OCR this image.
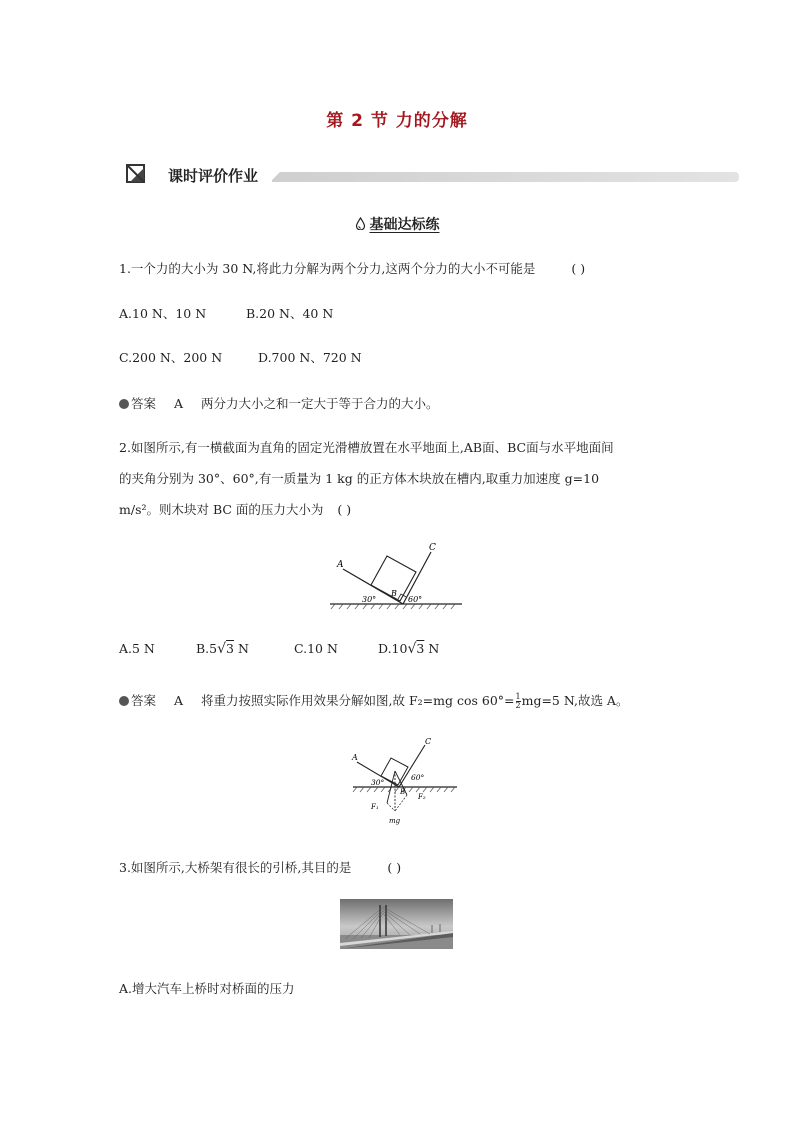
第 2 节 力的分解
课时评价作业
基础达标练
1.一个力的大小为 30 N,将此力分解为两个分力,这两个分力的大小不可能是	( )
A.10 N、10 N	B.20 N、40 N
C.200 N、200 N	D.700 N、720 N
答案 A 两分力大小之和一定大于等于合力的大小。
2.如图所示,有一横截面为直角的固定光滑槽放置在水平地面上,AB面、BC面与水平地面间
的夹角分别为 30°、60°,有一质量为 1 kg 的正方体木块放在槽内,取重力加速度 g=10
m/s²。则木块对 BC 面的压力大小为 ( )
A
C
B
30°	60°
A.5 N	B.5√3 N	C.10 N	D.10√3 N
答案 A 将重力按照实际作用效果分解如图,故 F₂=mg $\cos 60^\circ= \frac{1}{2} mg=5$ N,故选 A。
A
C
B
30°
60°
F₁
F₂
mg
3.如图所示,大桥架有很长的引桥,其目的是	( )
A.增大汽车上桥时对桥面的压力
